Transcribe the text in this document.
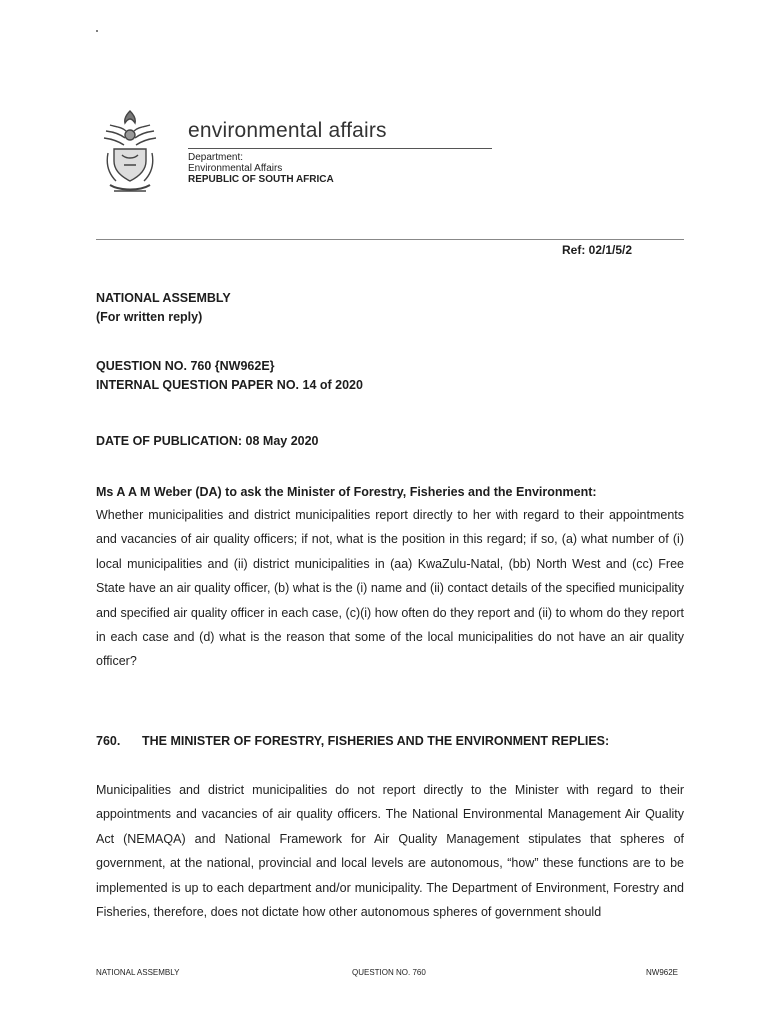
environmental affairs
Department:
Environmental Affairs
REPUBLIC OF SOUTH AFRICA
Ref: 02/1/5/2
NATIONAL ASSEMBLY
(For written reply)
QUESTION NO. 760 {NW962E}
INTERNAL QUESTION PAPER NO. 14 of 2020
DATE OF PUBLICATION: 08 May 2020
Ms A A M Weber (DA) to ask the Minister of Forestry, Fisheries and the Environment:
Whether municipalities and district municipalities report directly to her with regard to their appointments and vacancies of air quality officers; if not, what is the position in this regard; if so, (a) what number of (i) local municipalities and (ii) district municipalities in (aa) KwaZulu-Natal, (bb) North West and (cc) Free State have an air quality officer, (b) what is the (i) name and (ii) contact details of the specified municipality and specified air quality officer in each case, (c)(i) how often do they report and (ii) to whom do they report in each case and (d) what is the reason that some of the local municipalities do not have an air quality officer?
760. THE MINISTER OF FORESTRY, FISHERIES AND THE ENVIRONMENT REPLIES:
Municipalities and district municipalities do not report directly to the Minister with regard to their appointments and vacancies of air quality officers. The National Environmental Management Air Quality Act (NEMAQA) and National Framework for Air Quality Management stipulates that spheres of government, at the national, provincial and local levels are autonomous, “how” these functions are to be implemented is up to each department and/or municipality. The Department of Environment, Forestry and Fisheries, therefore, does not dictate how other autonomous spheres of government should
NATIONAL ASSEMBLY	QUESTION NO. 760	NW962E
